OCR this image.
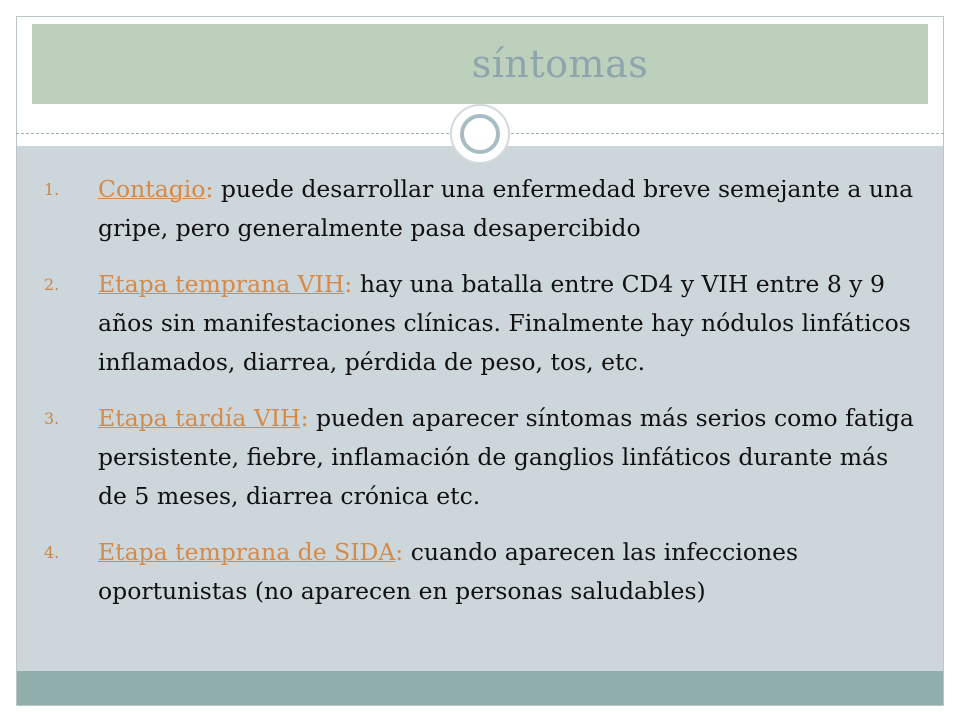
síntomas
1.	Contagio: puede desarrollar una enfermedad breve semejante a una gripe, pero generalmente pasa desapercibido
2.	Etapa temprana VIH: hay una batalla entre CD4 y VIH entre 8 y 9 años sin manifestaciones clínicas. Finalmente hay nódulos linfáticos inflamados, diarrea, pérdida de peso, tos, etc.
3.	Etapa tardía VIH: pueden aparecer síntomas más serios como fatiga persistente, fiebre, inflamación de ganglios linfáticos durante más de 5 meses, diarrea crónica etc.
4.	Etapa temprana de SIDA: cuando aparecen las infecciones oportunistas (no aparecen en personas saludables)
